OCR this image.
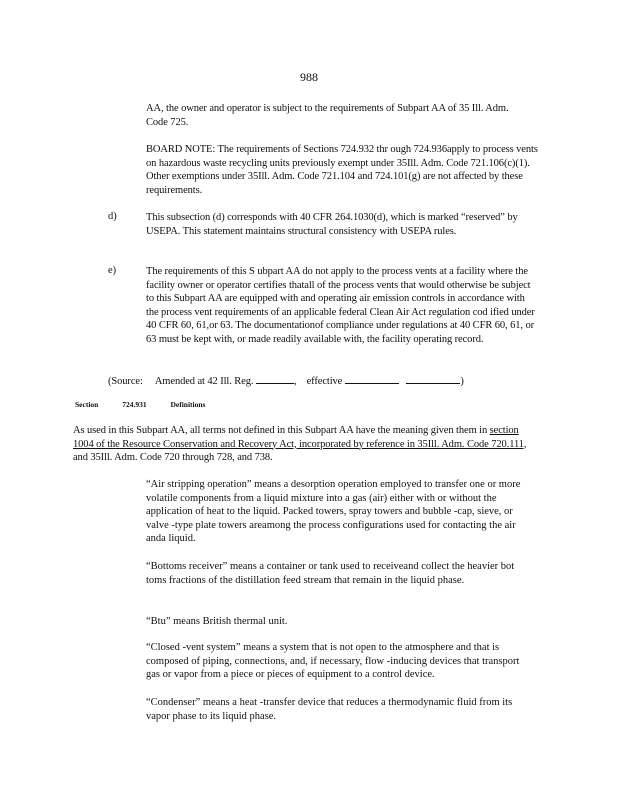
988
AA, the owner and operator is subject to the requirements of Subpart AA of 35 Ill. Adm. Code 725.
BOARD NOTE: The requirements of Sections 724.932 thr ough 724.936apply to process vents on hazardous waste recycling units previously exempt under 35Ill. Adm. Code 721.106(c)(1). Other exemptions under 35Ill. Adm. Code 721.104 and 724.101(g) are not affected by these requirements.
d)	This subsection (d) corresponds with 40 CFR 264.1030(d), which is marked “reserved” by USEPA. This statement maintains structural consistency with USEPA rules.
e)	The requirements of this S ubpart AA do not apply to the process vents at a facility where the facility owner or operator certifies thatall of the process vents that would otherwise be subject to this Subpart AA are equipped with and operating air emission controls in accordance with the process vent requirements of an applicable federal Clean Air Act regulation cod ified under 40 CFR 60, 61,or 63. The documentationof compliance under regulations at 40 CFR 60, 61, or 63 must be kept with, or made readily available with, the facility operating record.
(Source: Amended at 42 Ill. Reg.	,    effective	)
Section	724.931	Definitions
As used in this Subpart AA, all terms not defined in this Subpart AA have the meaning given them in section 1004 of the Resource Conservation and Recovery Act, incorporated by reference in 35Ill. Adm. Code 720.111, and 35Ill. Adm. Code 720 through 728, and 738.
“Air stripping operation” means a desorption operation employed to transfer one or more volatile components from a liquid mixture into a gas (air) either with or without the application of heat to the liquid. Packed towers, spray towers and bubble -cap, sieve, or valve -type plate towers areamong the process configurations used for contacting the air anda liquid.
“Bottoms receiver” means a container or tank used to receiveand collect the heavier bot toms fractions of the distillation feed stream that remain in the liquid phase.
“Btu” means British thermal unit.
“Closed -vent system” means a system that is not open to the atmosphere and that is composed of piping, connections, and, if necessary, flow -inducing devices that transport gas or vapor from a piece or pieces of equipment to a control device.
“Condenser” means a heat -transfer device that reduces a thermodynamic fluid from its vapor phase to its liquid phase.
